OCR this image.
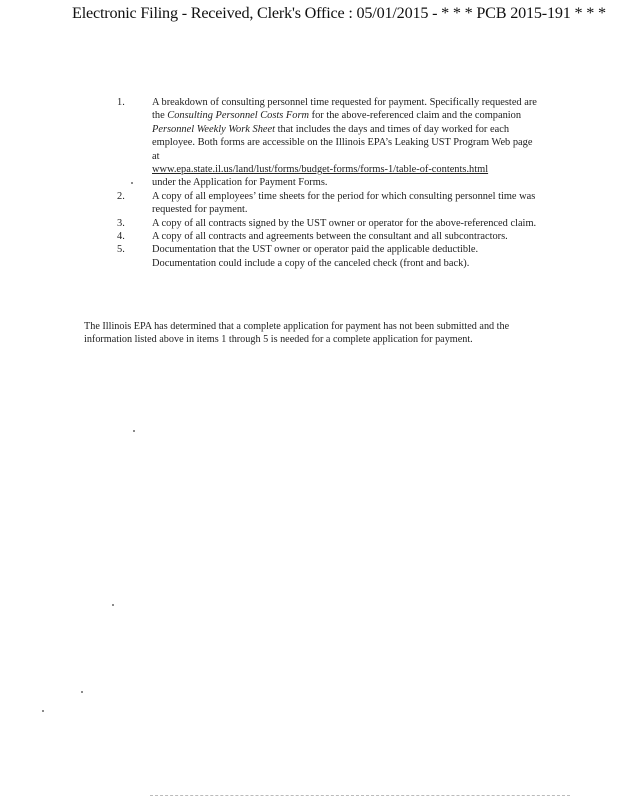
Electronic Filing - Received, Clerk's Office : 05/01/2015 - * * * PCB 2015-191 * * *
1.	A breakdown of consulting personnel time requested for payment. Specifically requested are the Consulting Personnel Costs Form for the above-referenced claim and the companion Personnel Weekly Work Sheet that includes the days and times of day worked for each employee. Both forms are accessible on the Illinois EPA’s Leaking UST Program Web page at
www.epa.state.il.us/land/lust/forms/budget-forms/forms-1/table-of-contents.html
under the Application for Payment Forms.
2.	A copy of all employees’ time sheets for the period for which consulting personnel time was requested for payment.
3.	A copy of all contracts signed by the UST owner or operator for the above-referenced claim.
4.	A copy of all contracts and agreements between the consultant and all subcontractors.
5.	Documentation that the UST owner or operator paid the applicable deductible. Documentation could include a copy of the canceled check (front and back).
The Illinois EPA has determined that a complete application for payment has not been submitted and the information listed above in items 1 through 5 is needed for a complete application for payment.
